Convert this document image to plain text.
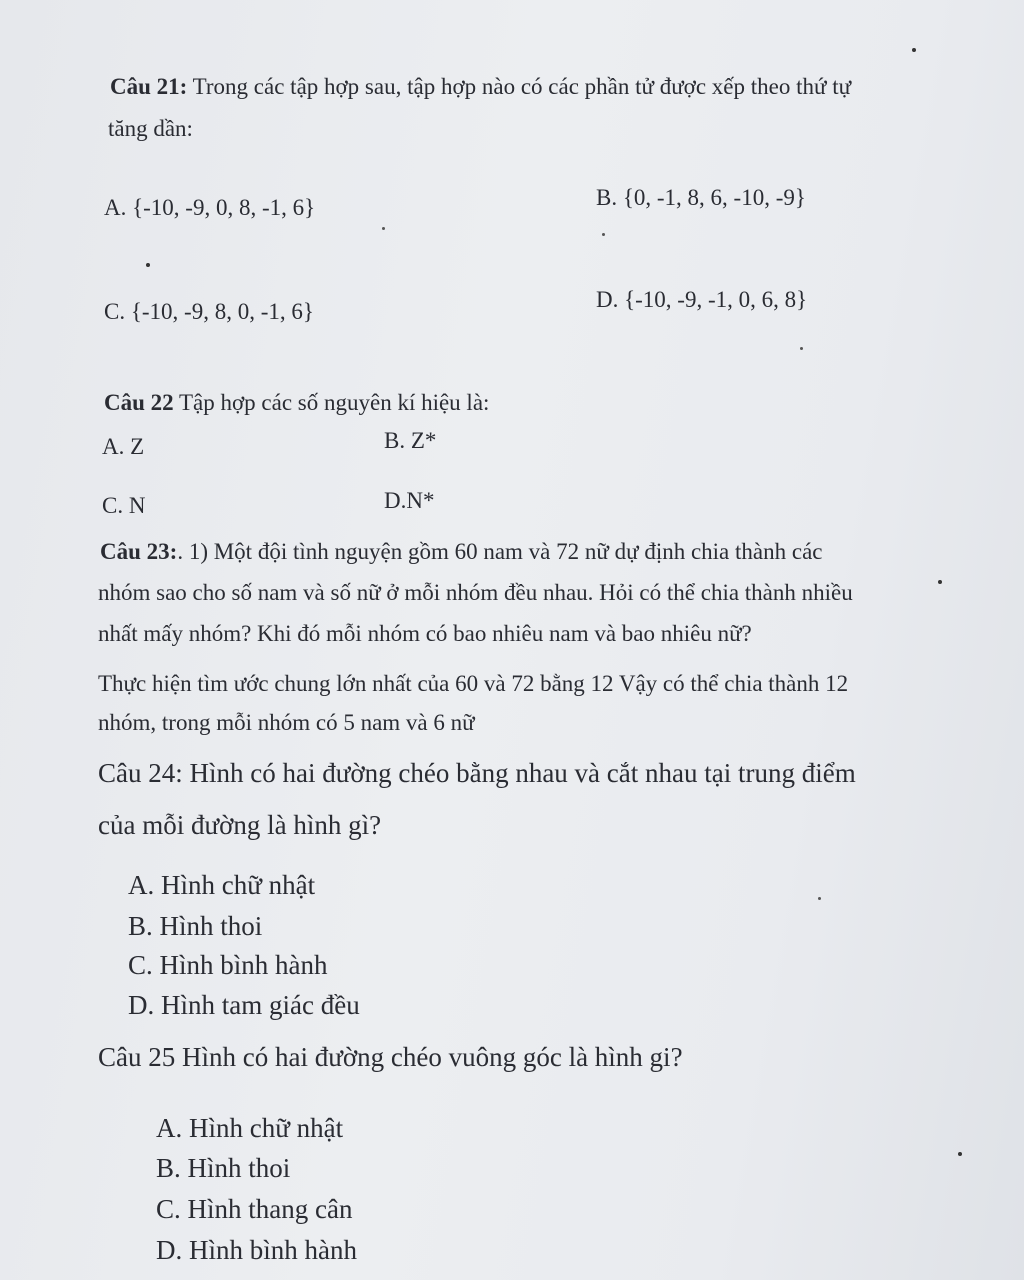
Câu 21: Trong các tập hợp sau, tập hợp nào có các phần tử được xếp theo thứ tự

tăng dần:

A. {-10, -9, 0, 8, -1, 6}	B. {0, -1, 8, 6, -10, -9}

C. {-10, -9, 8, 0, -1, 6}	D. {-10, -9, -1, 0, 6, 8}

Câu 22 Tập hợp các số nguyên kí hiệu là:

A. Z	B. Z*

C. N	D.N*

Câu 23:. 1) Một đội tình nguyện gồm 60 nam và 72 nữ dự định chia thành các

nhóm sao cho số nam và số nữ ở mỗi nhóm đều nhau. Hỏi có thể chia thành nhiều

nhất mấy nhóm? Khi đó mỗi nhóm có bao nhiêu nam và bao nhiêu nữ?

Thực hiện tìm ước chung lớn nhất của 60 và 72 bằng 12 Vậy có thể chia thành 12

nhóm, trong mỗi nhóm có 5 nam và 6 nữ

Câu 24: Hình có hai đường chéo bằng nhau và cắt nhau tại trung điểm

của mỗi đường là hình gì?

A. Hình chữ nhật

B. Hình thoi

C. Hình bình hành

D. Hình tam giác đều

Câu 25 Hình có hai đường chéo vuông góc là hình gi?

A. Hình chữ nhật

B. Hình thoi

C. Hình thang cân

D. Hình bình hành
